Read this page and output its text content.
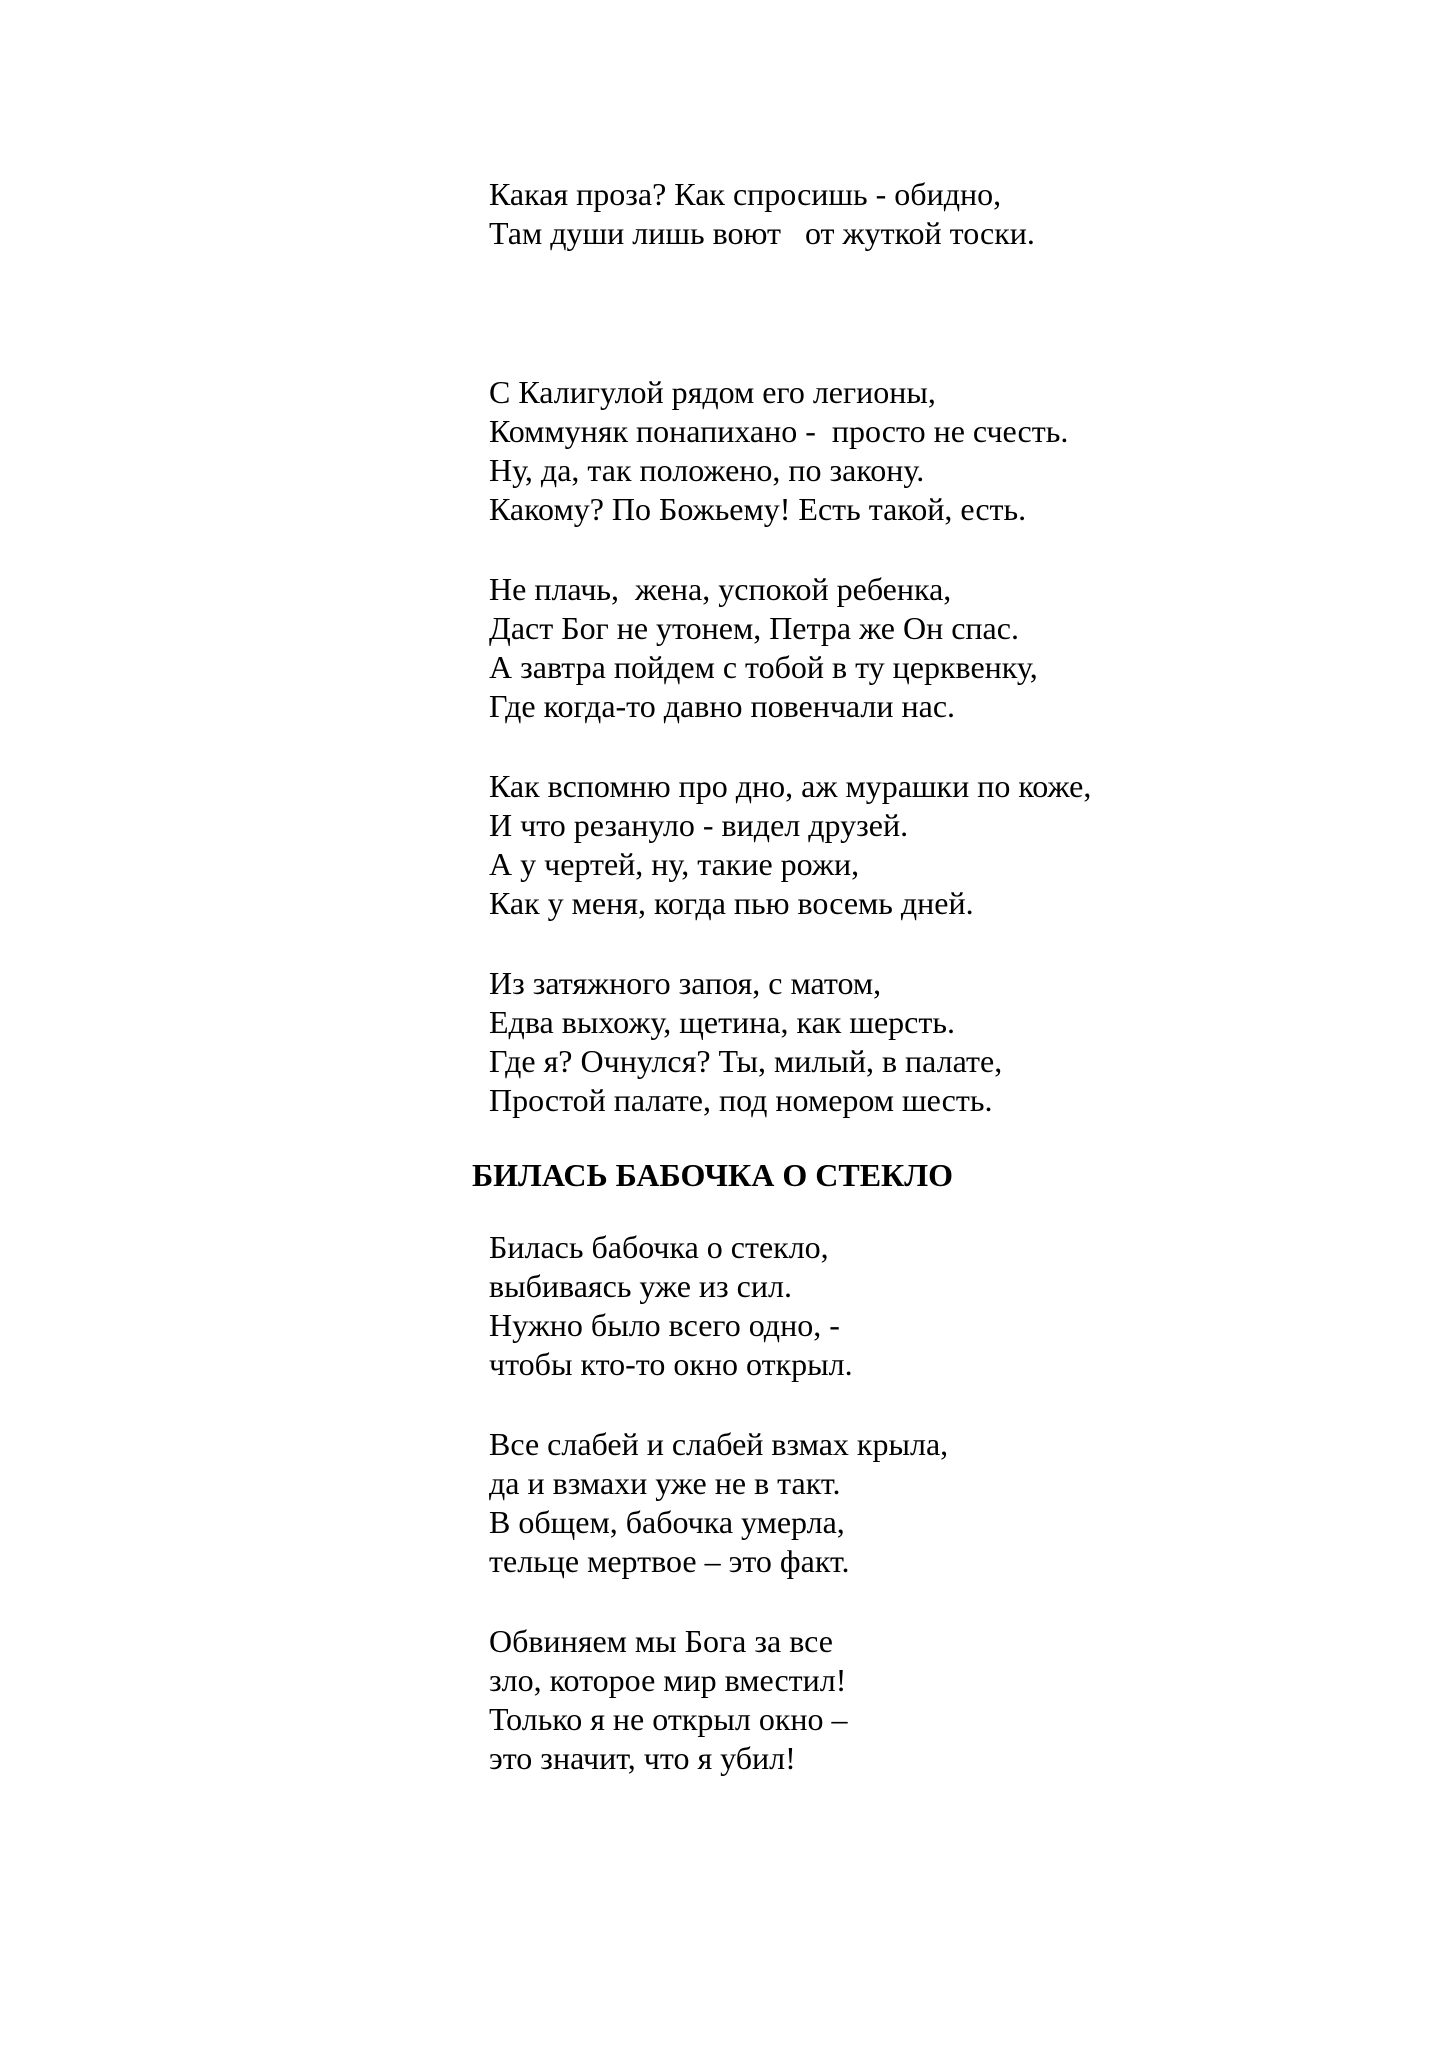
Какая проза? Как спросишь - обидно,
Там души лишь воют   от жуткой тоски.
С Калигулой рядом его легионы,
Коммуняк понапихано -  просто не счесть.
Ну, да, так положено, по закону.
Какому? По Божьему! Есть такой, есть.
Не плачь,  жена, успокой ребенка,
Даст Бог не утонем, Петра же Он спас.
А завтра пойдем с тобой в ту церквенку,
Где когда-то давно повенчали нас.
Как вспомню про дно, аж мурашки по коже,
И что резануло - видел друзей.
А у чертей, ну, такие рожи,
Как у меня, когда пью восемь дней.
Из затяжного запоя, с матом,
Едва выхожу, щетина, как шерсть.
Где я? Очнулся? Ты, милый, в палате,
Простой палате, под номером шесть.
БИЛАСЬ БАБОЧКА О СТЕКЛО
Билась бабочка о стекло,
выбиваясь уже из сил.
Нужно было всего одно, -
чтобы кто-то окно открыл.
Все слабей и слабей взмах крыла,
да и взмахи уже не в такт.
В общем, бабочка умерла,
тельце мертвое – это факт.
Обвиняем мы Бога за все
зло, которое мир вместил!
Только я не открыл окно –
это значит, что я убил!
